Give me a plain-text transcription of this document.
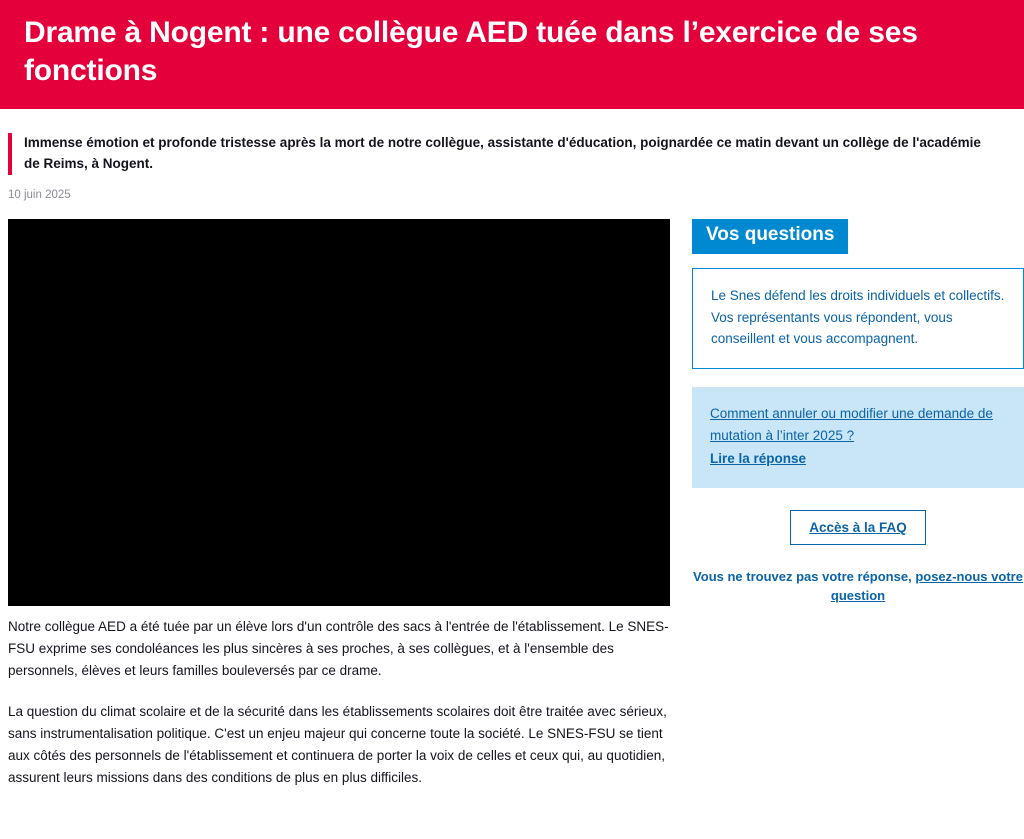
Drame à Nogent : une collègue AED tuée dans l’exercice de ses fonctions
Immense émotion et profonde tristesse après la mort de notre collègue, assistante d'éducation, poignardée ce matin devant un collège de l'académie de Reims, à Nogent.
10 juin 2025

Notre collègue AED a été tuée par un élève lors d'un contrôle des sacs à l'entrée de l'établissement. Le SNES-FSU exprime ses condoléances les plus sincères à ses proches, à ses collègues, et à l'ensemble des personnels, élèves et leurs familles bouleversés par ce drame.

La question du climat scolaire et de la sécurité dans les établissements scolaires doit être traitée avec sérieux, sans instrumentalisation politique. C'est un enjeu majeur qui concerne toute la société. Le SNES-FSU se tient aux côtés des personnels de l'établissement et continuera de porter la voix de celles et ceux qui, au quotidien, assurent leurs missions dans des conditions de plus en plus difficiles.

Vos questions
Le Snes défend les droits individuels et collectifs. Vos représentants vous répondent, vous conseillent et vous accompagnent.
Comment annuler ou modifier une demande de mutation à l’inter 2025 ?
Lire la réponse
Accès à la FAQ
Vous ne trouvez pas votre réponse, posez-nous votre question
